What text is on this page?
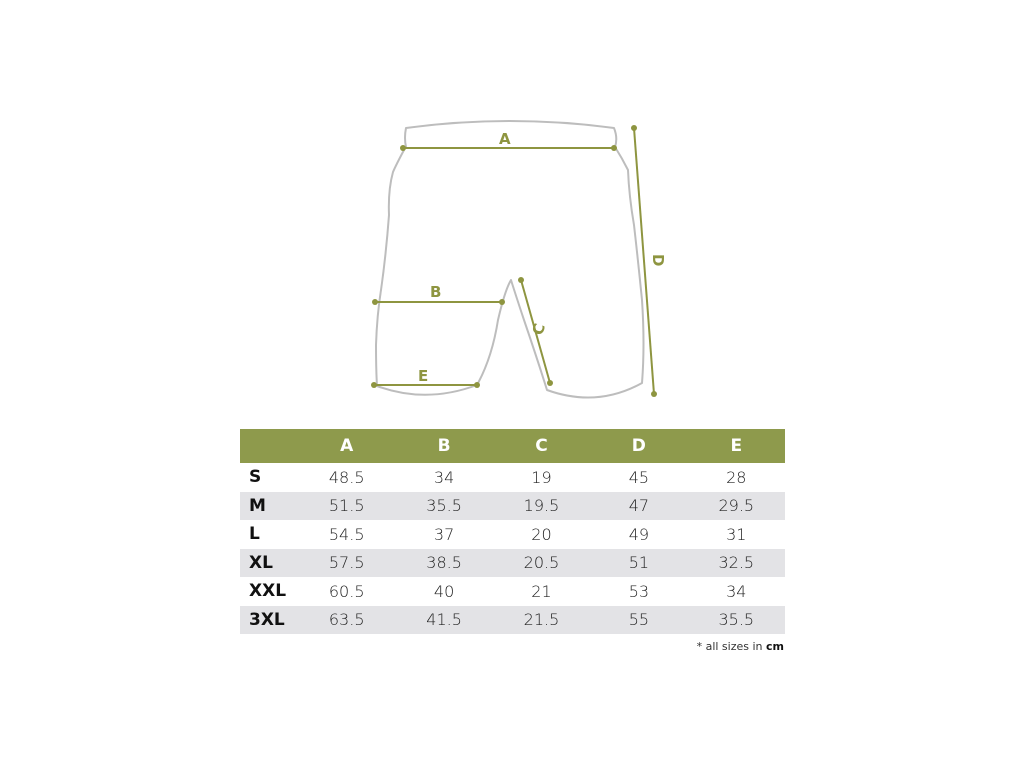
A
B
C
D
E
	A	B	C	D	E
S	48.5	34	19	45	28
M	51.5	35.5	19.5	47	29.5
L	54.5	37	20	49	31
XL	57.5	38.5	20.5	51	32.5
XXL	60.5	40	21	53	34
3XL	63.5	41.5	21.5	55	35.5
* all sizes in cm
